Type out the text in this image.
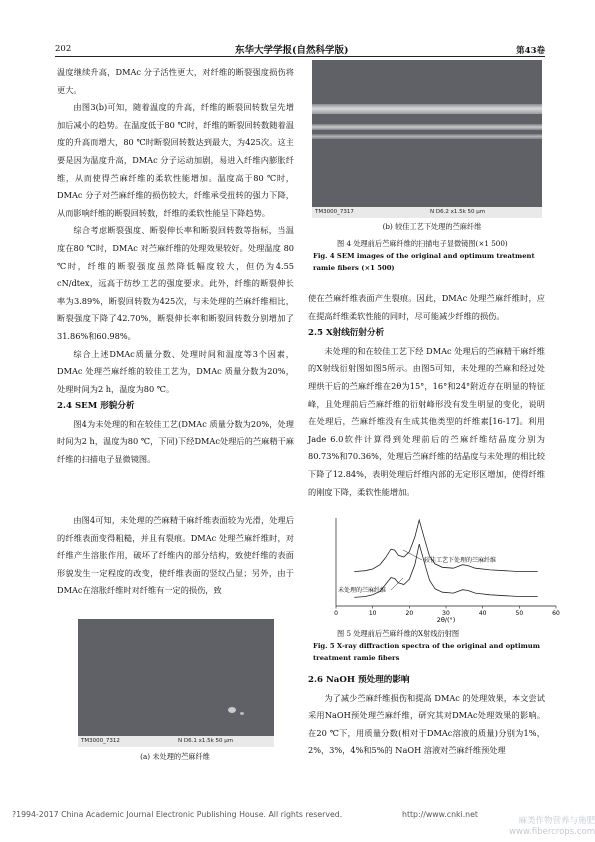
202	东华大学学报(自然科学版)	第43卷

温度继续升高，DMAc 分子活性更大，对纤维的断裂强度损伤将更大。

由图3(b)可知，随着温度的升高，纤维的断裂回转数呈先增加后减小的趋势。在温度低于80 ℃时，纤维的断裂回转数随着温度的升高而增大，80 ℃时断裂回转数达到最大，为425次。这主要是因为温度升高，DMAc 分子运动加剧，易进入纤维内膨胀纤维，从而使得苎麻纤维的柔软性能增加。温度高于80 ℃时，DMAc 分子对苎麻纤维的损伤较大，纤维承受扭转的强力下降，从而影响纤维的断裂回转数，纤维的柔软性能呈下降趋势。

综合考虑断裂强度、断裂伸长率和断裂回转数等指标，当温度在80 ℃时，DMAc 对苎麻纤维的处理效果较好。处理温度 80 ℃时，纤维的断裂强度虽然降低幅度较大，但仍为4.55 cN/dtex，远高于纺纱工艺的强度要求。此外，纤维的断裂伸长率为3.89%，断裂回转数为425次，与未处理的苎麻纤维相比，断裂强度下降了42.70%，断裂伸长率和断裂回转数分别增加了31.86%和60.98%。

综合上述DMAc质量分数、处理时间和温度等3个因素，DMAc 处理苎麻纤维的较佳工艺为，DMAc 质量分数为20%，处理时间为2 h，温度为80 ℃。

2.4 SEM 形貌分析

图4为未处理的和在较佳工艺(DMAc 质量分数为20%，处理时间为2 h，温度为80 ℃，下同)下经DMAc处理后的苎麻精干麻纤维的扫描电子显微镜图。

由图4可知，未处理的苎麻精干麻纤维表面较为光滑，处理后的纤维表面变得粗糙，并且有裂痕。DMAc 处理苎麻纤维时，对纤维产生溶胀作用，破坏了纤维内的部分结构，致使纤维的表面形貌发生一定程度的改变，使纤维表面的竖纹凸显；另外，由于DMAc在溶胀纤维时对纤维有一定的损伤，致

TM3000_7317	N D6.2 x1.5k 50 μm
(b) 较佳工艺下处理的苎麻纤维
图 4 处理前后苎麻纤维的扫描电子显微镜图(×1 500)
Fig. 4 SEM images of the original and optimum treatment ramie fibers (×1 500)

使在苎麻纤维表面产生裂痕。因此，DMAc 处理苎麻纤维时，应在提高纤维柔软性能的同时，尽可能减少纤维的损伤。

2.5 X射线衍射分析

未处理的和在较佳工艺下经 DMAc 处理后的苎麻精干麻纤维的X射线衍射图如图5所示。由图5可知，未处理的苎麻和经过处理烘干后的苎麻纤维在2θ为15°，16°和24°附近存在明显的特征峰，且处理前后苎麻纤维的衍射峰形没有发生明显的变化，说明在处理后，苎麻纤维没有生成其他类型的纤维素[16-17]。利用Jade 6.0软件计算得到处理前后的苎麻纤维结晶度分别为80.73%和70.36%，处理后苎麻纤维的结晶度与未处理的相比较下降了12.84%，表明处理后纤维内部的无定形区增加，使得纤维的刚度下降，柔软性能增加。

0	10	20	30	40	50	60
较佳工艺下处理的苎麻纤维
未处理的苎麻纤维
2θ/(°)
图 5 处理前后苎麻纤维的X射线衍射图
Fig. 5 X-ray diffraction spectra of the original and optimum treatment ramie fibers
2.6 NaOH 预处理的影响

为了减少苎麻纤维损伤和提高 DMAc 的处理效果，本文尝试采用NaOH预处理苎麻纤维，研究其对DMAc处理效果的影响。在20 ℃下，用质量分数(相对于DMAc溶液的质量)分别为1%，2%，3%，4%和5%的 NaOH 溶液对苎麻纤维预处理

TM3000_7312	N D6.1 x1.5k 50 μm
(a) 未处理的苎麻纤维
?1994-2017 China Academic Journal Electronic Publishing House. All rights reserved.	http://www.cnki.net
麻类作物营养与施肥 www.fibercrops.com
